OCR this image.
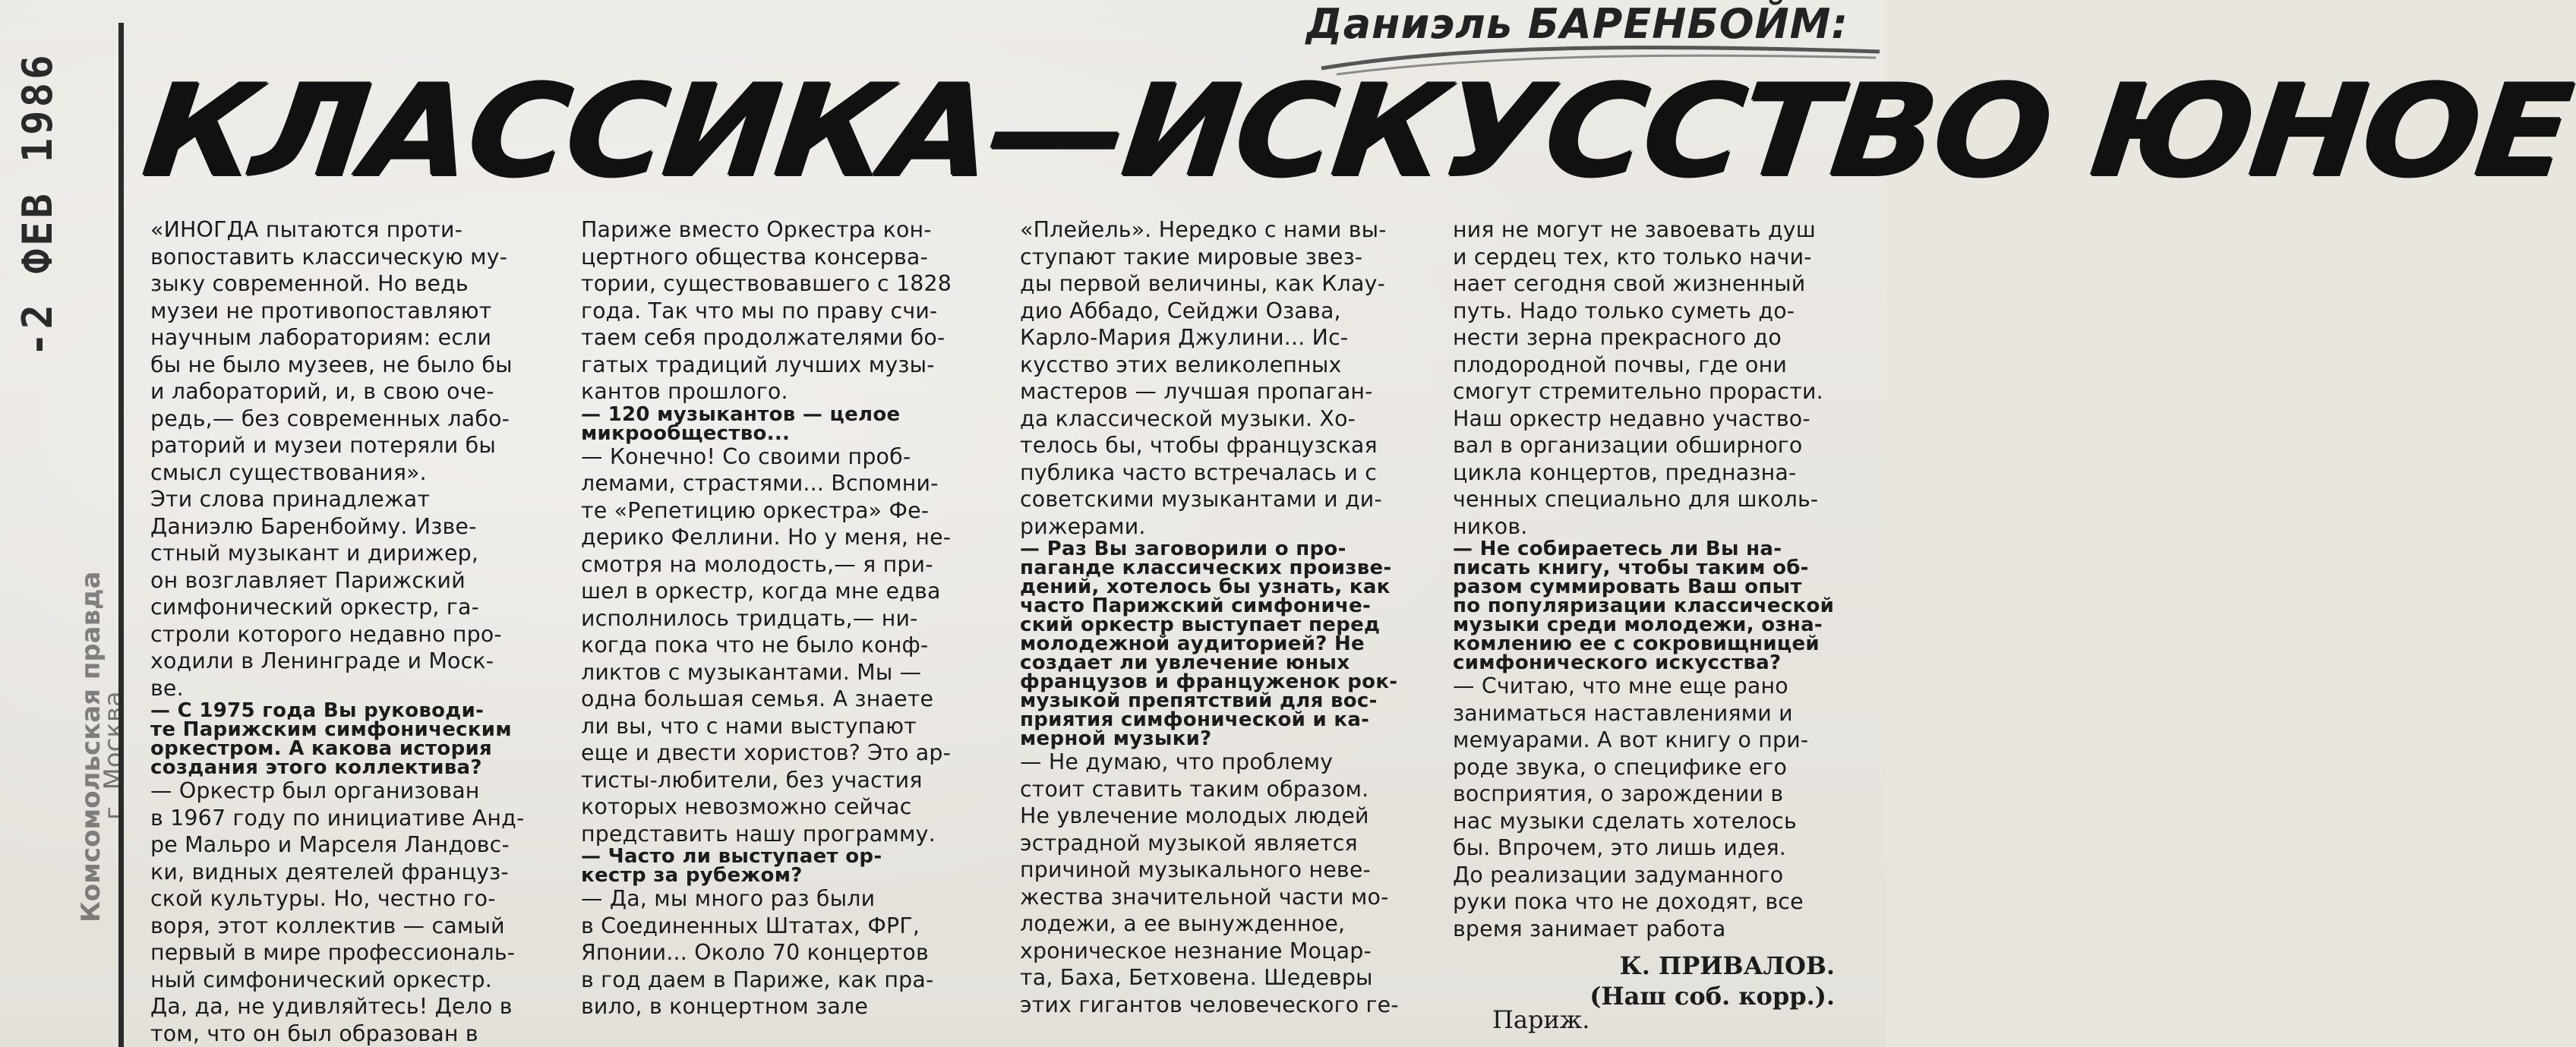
-2 ФЕВ 1986
Комсомольская правда
г. Москва
Даниэль БАРЕНБОЙМ:
КЛАССИКА—ИСКУССТВО ЮНОЕ
«ИНОГДА пытаются проти-
вопоставить классическую му-
зыку современной. Но ведь
музеи не противопоставляют
научным лабораториям: если
бы не было музеев, не было бы
и лабораторий, и, в свою оче-
редь,— без современных лабо-
раторий и музеи потеряли бы
смысл существования».
Эти слова принадлежат
Даниэлю Баренбойму. Изве-
стный музыкант и дирижер,
он возглавляет Парижский
симфонический оркестр, га-
строли которого недавно про-
ходили в Ленинграде и Моск-
ве.
— С 1975 года Вы руководи-
те Парижским симфоническим
оркестром. А какова история
создания этого коллектива?
— Оркестр был организован
в 1967 году по инициативе Анд-
ре Мальро и Марселя Ландовс-
ки, видных деятелей француз-
ской культуры. Но, честно го-
воря, этот коллектив — самый
первый в мире профессиональ-
ный симфонический оркестр.
Да, да, не удивляйтесь! Дело в
том, что он был образован в
Париже вместо Оркестра кон-
цертного общества консерва-
тории, существовавшего с 1828
года. Так что мы по праву счи-
таем себя продолжателями бо-
гатых традиций лучших музы-
кантов прошлого.
— 120 музыкантов — целое
микрообщество...
— Конечно! Со своими проб-
лемами, страстями... Вспомни-
те «Репетицию оркестра» Фе-
дерико Феллини. Но у меня, не-
смотря на молодость,— я при-
шел в оркестр, когда мне едва
исполнилось тридцать,— ни-
когда пока что не было конф-
ликтов с музыкантами. Мы —
одна большая семья. А знаете
ли вы, что с нами выступают
еще и двести хористов? Это ар-
тисты-любители, без участия
которых невозможно сейчас
представить нашу программу.
— Часто ли выступает ор-
кестр за рубежом?
— Да, мы много раз были
в Соединенных Штатах, ФРГ,
Японии... Около 70 концертов
в год даем в Париже, как пра-
вило, в концертном зале
«Плейель». Нередко с нами вы-
ступают такие мировые звез-
ды первой величины, как Клау-
дио Аббадо, Сейджи Озава,
Карло-Мария Джулини... Ис-
кусство этих великолепных
мастеров — лучшая пропаган-
да классической музыки. Хо-
телось бы, чтобы французская
публика часто встречалась и с
советскими музыкантами и ди-
рижерами.
— Раз Вы заговорили о про-
паганде классических произве-
дений, хотелось бы узнать, как
часто Парижский симфониче-
ский оркестр выступает перед
молодежной аудиторией? Не
создает ли увлечение юных
французов и француженок рок-
музыкой препятствий для вос-
приятия симфонической и ка-
мерной музыки?
— Не думаю, что проблему
стоит ставить таким образом.
Не увлечение молодых людей
эстрадной музыкой является
причиной музыкального неве-
жества значительной части мо-
лодежи, а ее вынужденное,
хроническое незнание Моцар-
та, Баха, Бетховена. Шедевры
этих гигантов человеческого ге-
ния не могут не завоевать душ
и сердец тех, кто только начи-
нает сегодня свой жизненный
путь. Надо только суметь до-
нести зерна прекрасного до
плодородной почвы, где они
смогут стремительно прорасти.
Наш оркестр недавно участво-
вал в организации обширного
цикла концертов, предназна-
ченных специально для школь-
ников.
— Не собираетесь ли Вы на-
писать книгу, чтобы таким об-
разом суммировать Ваш опыт
по популяризации классической
музыки среди молодежи, озна-
комлению ее с сокровищницей
симфонического искусства?
— Считаю, что мне еще рано
заниматься наставлениями и
мемуарами. А вот книгу о при-
роде звука, о специфике его
восприятия, о зарождении в
нас музыки сделать хотелось
бы. Впрочем, это лишь идея.
До реализации задуманного
руки пока что не доходят, все
время занимает работа
К. ПРИВАЛОВ.
(Наш соб. корр.).
Париж.
